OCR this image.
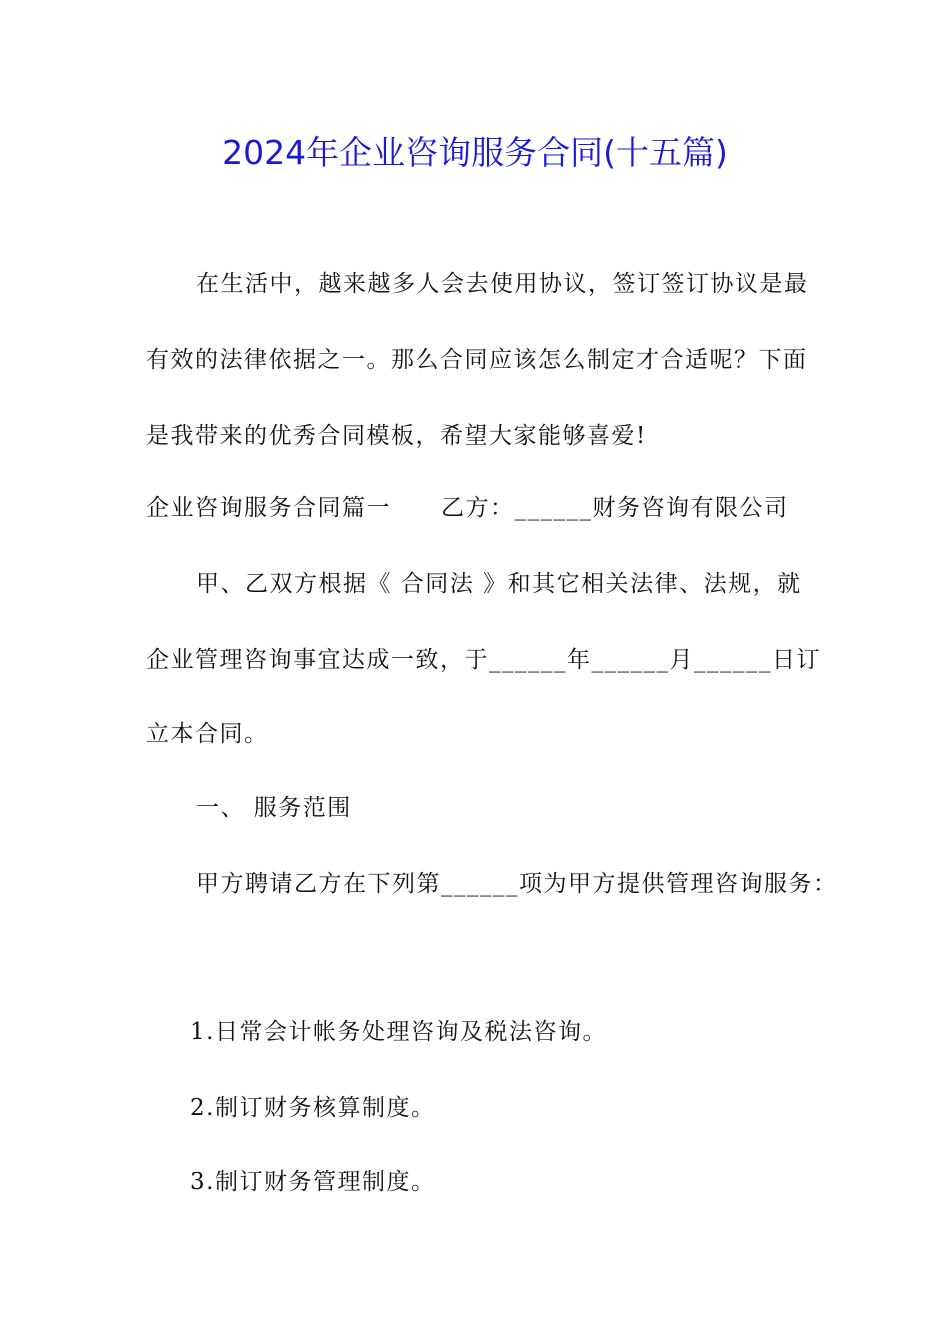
2024年企业咨询服务合同(十五篇)
在生活中，越来越多人会去使用协议，签订签订协议是最
有效的法律依据之一。那么合同应该怎么制定才合适呢？下面
是我带来的优秀合同模板，希望大家能够喜爱!
企业咨询服务合同篇一 乙方：______财务咨询有限公司
甲、乙双方根据《 合同法 》和其它相关法律、法规，就
企业管理咨询事宜达成一致，于______年______月______日订
立本合同。
一、 服务范围
甲方聘请乙方在下列第______项为甲方提供管理咨询服务：
1.日常会计帐务处理咨询及税法咨询。
2.制订财务核算制度。
3.制订财务管理制度。
